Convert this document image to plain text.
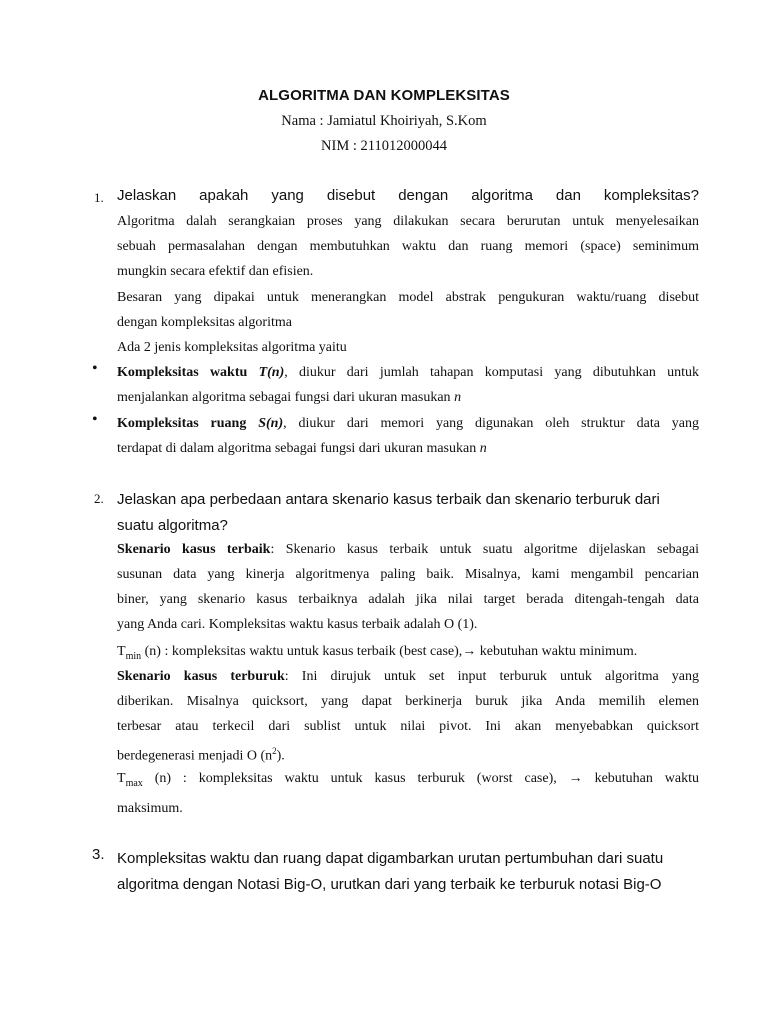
ALGORITMA DAN KOMPLEKSITAS
Nama : Jamiatul Khoiriyah, S.Kom
NIM : 211012000044
1. Jelaskan apakah yang disebut dengan algoritma dan kompleksitas?
Algoritma dalah serangkaian proses yang dilakukan secara berurutan untuk menyelesaikan
sebuah permasalahan dengan membutuhkan waktu dan ruang memori (space) seminimum
mungkin secara efektif dan efisien.
Besaran yang dipakai untuk menerangkan model abstrak pengukuran waktu/ruang disebut
dengan kompleksitas algoritma
Ada 2 jenis kompleksitas algoritma yaitu
• Kompleksitas waktu T(n), diukur dari jumlah tahapan komputasi yang dibutuhkan untuk
menjalankan algoritma sebagai fungsi dari ukuran masukan n
• Kompleksitas ruang S(n), diukur dari memori yang digunakan oleh struktur data yang
terdapat di dalam algoritma sebagai fungsi dari ukuran masukan n
2. Jelaskan apa perbedaan antara skenario kasus terbaik dan skenario terburuk dari
suatu algoritma?
Skenario kasus terbaik: Skenario kasus terbaik untuk suatu algoritme dijelaskan sebagai
susunan data yang kinerja algoritmenya paling baik. Misalnya, kami mengambil pencarian
biner, yang skenario kasus terbaiknya adalah jika nilai target berada ditengah-tengah data
yang Anda cari. Kompleksitas waktu kasus terbaik adalah O (1).
$T_{min}$ (n) : kompleksitas waktu untuk kasus terbaik (best case),→ kebutuhan waktu minimum.
Skenario kasus terburuk: Ini dirujuk untuk set input terburuk untuk algoritma yang
diberikan. Misalnya quicksort, yang dapat berkinerja buruk jika Anda memilih elemen
terbesar atau terkecil dari sublist untuk nilai pivot. Ini akan menyebabkan quicksort
berdegenerasi menjadi O $(n^2)$.
$T_{max}$ (n) : kompleksitas waktu untuk kasus terburuk (worst case), → kebutuhan waktu
maksimum.
3. Kompleksitas waktu dan ruang dapat digambarkan urutan pertumbuhan dari suatu
algoritma dengan Notasi Big-O, urutkan dari yang terbaik ke terburuk notasi Big-O
